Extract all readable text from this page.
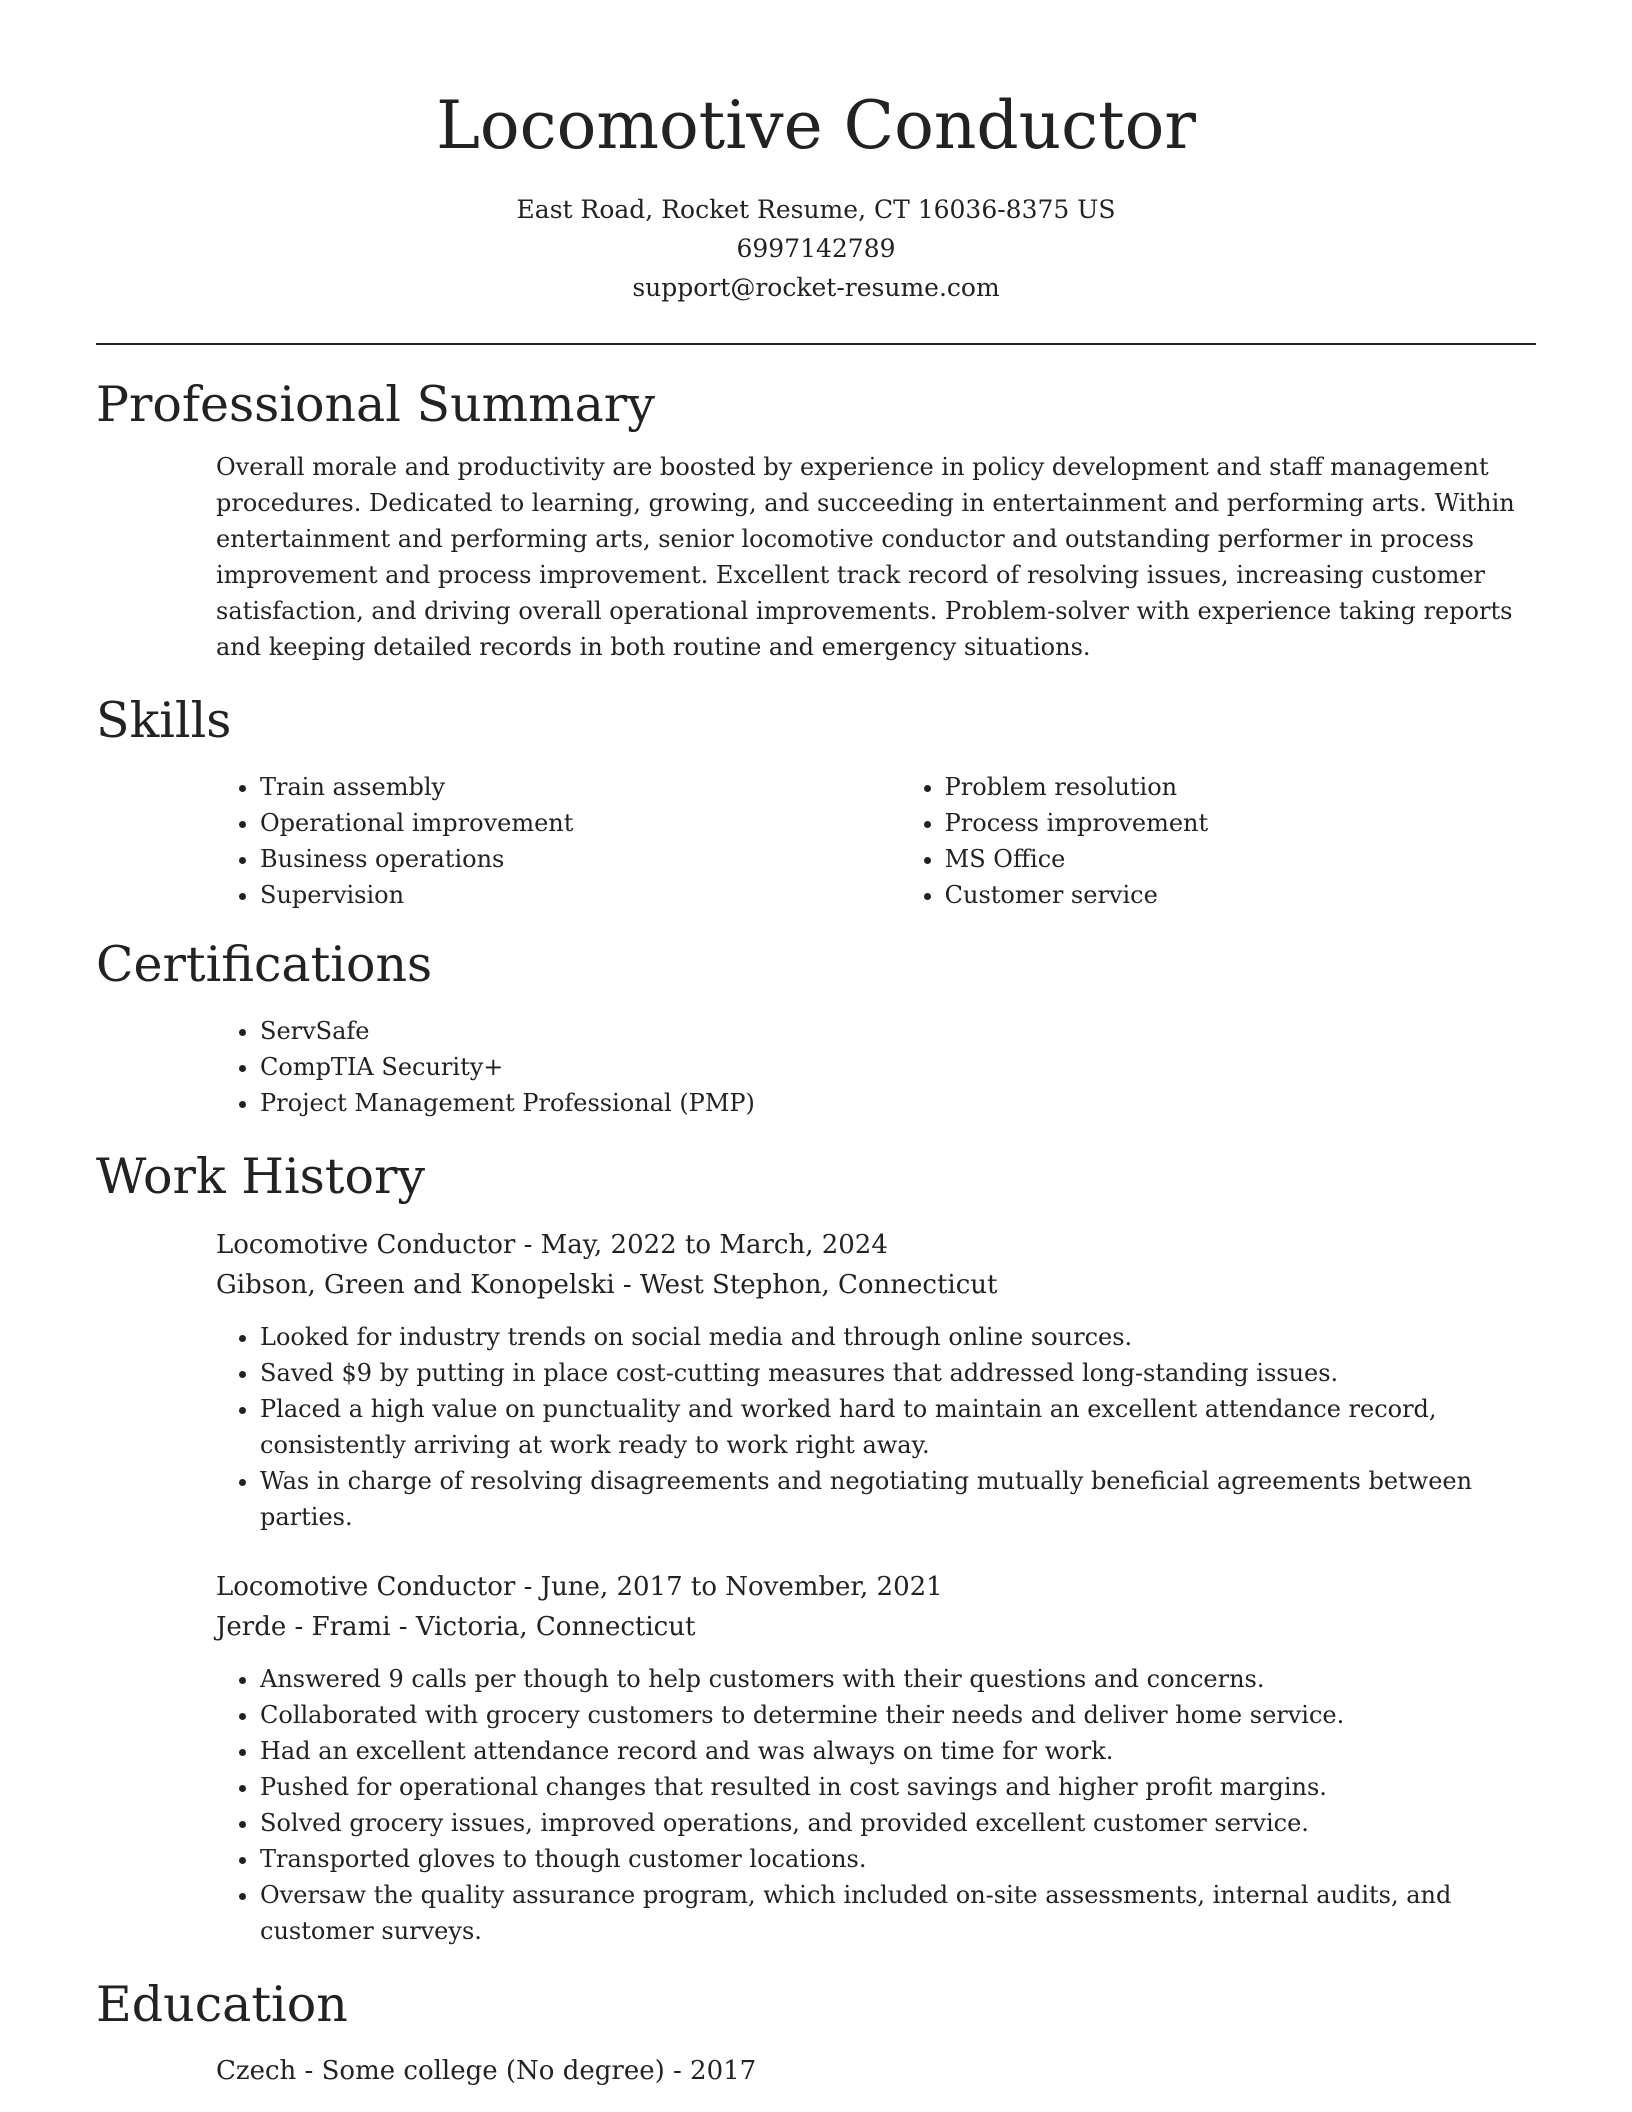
Locomotive Conductor
East Road, Rocket Resume, CT 16036-8375 US
6997142789
support@rocket-resume.com
Professional Summary

Overall morale and productivity are boosted by experience in policy development and staff management procedures. Dedicated to learning, growing, and succeeding in entertainment and performing arts. Within entertainment and performing arts, senior locomotive conductor and outstanding performer in process improvement and process improvement. Excellent track record of resolving issues, increasing customer satisfaction, and driving overall operational improvements. Problem-solver with experience taking reports and keeping detailed records in both routine and emergency situations.

Skills
• Train assembly
• Operational improvement
• Business operations
• Supervision
• Problem resolution
• Process improvement
• MS Office
• Customer service
Certifications
• ServSafe
• CompTIA Security+
• Project Management Professional (PMP)
Work History
Locomotive Conductor - May, 2022 to March, 2024
Gibson, Green and Konopelski - West Stephon, Connecticut
• Looked for industry trends on social media and through online sources.
• Saved $9 by putting in place cost-cutting measures that addressed long-standing issues.
• Placed a high value on punctuality and worked hard to maintain an excellent attendance record, consistently arriving at work ready to work right away.
• Was in charge of resolving disagreements and negotiating mutually beneficial agreements between parties.
Locomotive Conductor - June, 2017 to November, 2021
Jerde - Frami - Victoria, Connecticut
• Answered 9 calls per though to help customers with their questions and concerns.
• Collaborated with grocery customers to determine their needs and deliver home service.
• Had an excellent attendance record and was always on time for work.
• Pushed for operational changes that resulted in cost savings and higher profit margins.
• Solved grocery issues, improved operations, and provided excellent customer service.
• Transported gloves to though customer locations.
• Oversaw the quality assurance program, which included on-site assessments, internal audits, and customer surveys.
Education
Czech - Some college (No degree) - 2017
